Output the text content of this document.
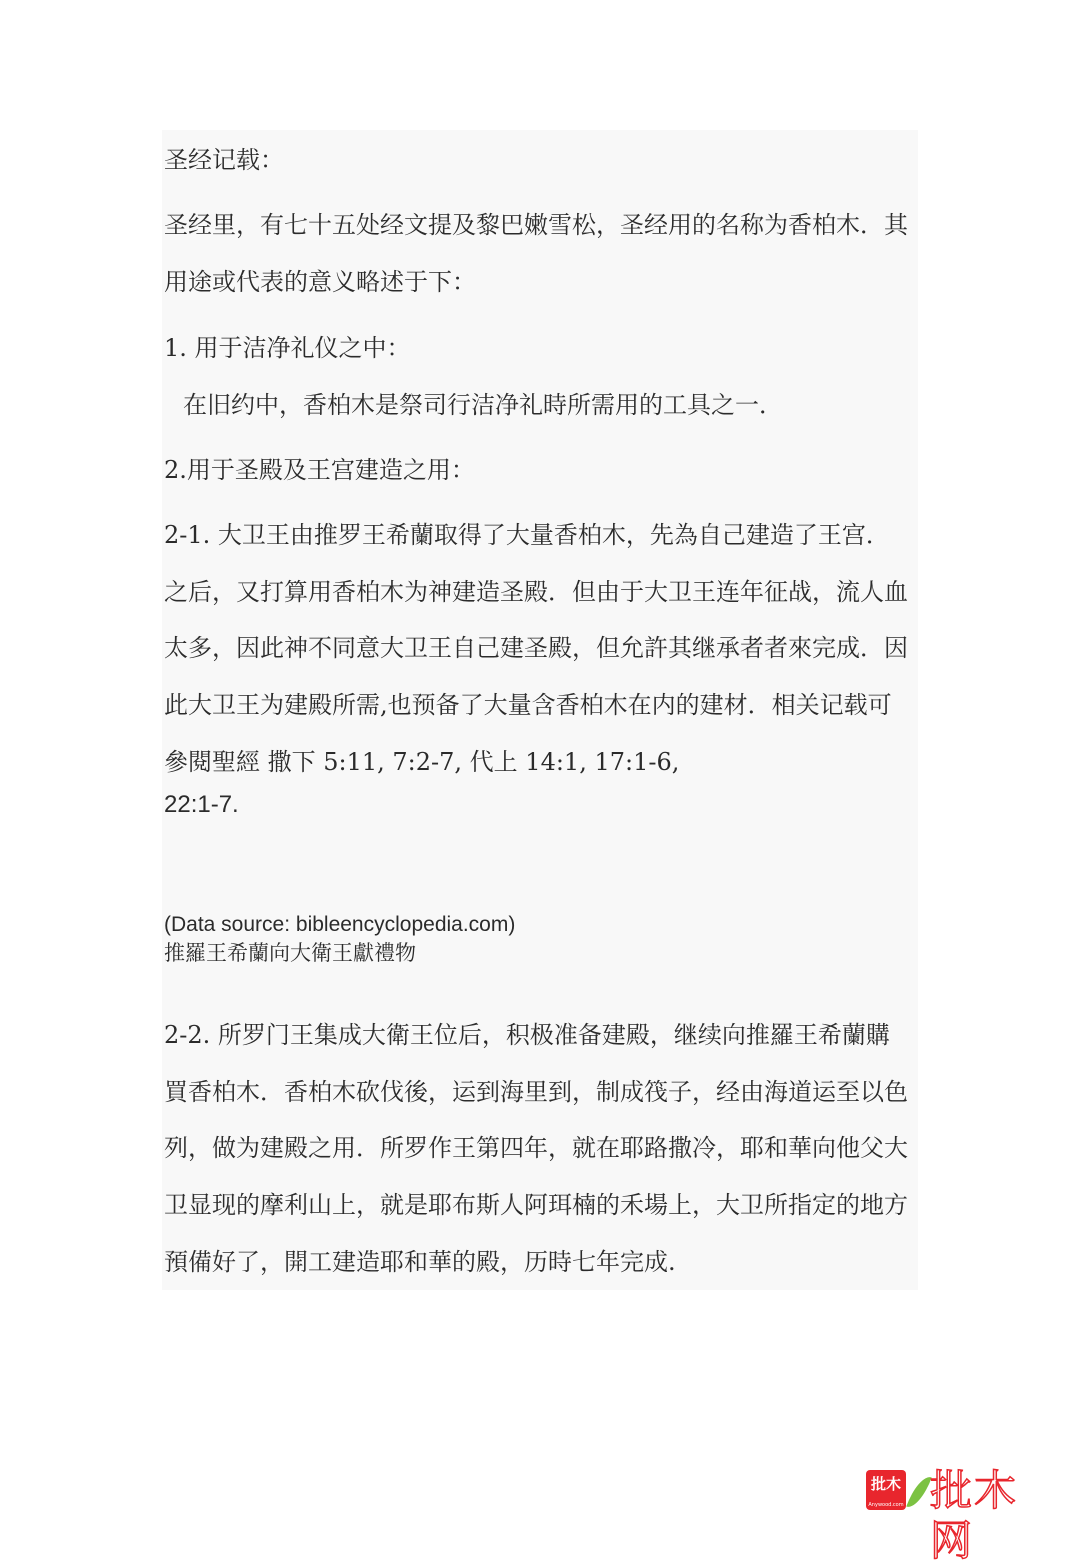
圣经记载：
圣经里，有七十五处经文提及黎巴嫩雪松，圣经用的名称为香柏木．其
用途或代表的意义略述于下：
1. 用于洁净礼仪之中：
在旧约中，香柏木是祭司行洁净礼時所需用的工具之一．
2.用于圣殿及王宫建造之用：
2-1. 大卫王由推罗王希蘭取得了大量香柏木，先為自己建造了王宫．
之后，又打算用香柏木为神建造圣殿．但由于大卫王连年征战，流人血
太多，因此神不同意大卫王自己建圣殿，但允許其继承者者來完成．因
此大卫王为建殿所需,也预备了大量含香柏木在内的建材．相关记载可
參閱聖經 撒下 5:11, 7:2-7, 代上 14:1, 17:1-6,
22:1-7.
(Data source: bibleencyclopedia.com)
推羅王希蘭向大衛王獻禮物
2-2. 所罗门王集成大衛王位后，积极准备建殿，继续向推羅王希蘭購
買香柏木．香柏木砍伐後，运到海里到，制成筏子，经由海道运至以色
列，做为建殿之用．所罗作王第四年，就在耶路撒冷，耶和華向他父大
卫显现的摩利山上，就是耶布斯人阿珥楠的禾場上，大卫所指定的地方
預備好了，開工建造耶和華的殿，历時七年完成.
批木
Anywood.com 批木网
